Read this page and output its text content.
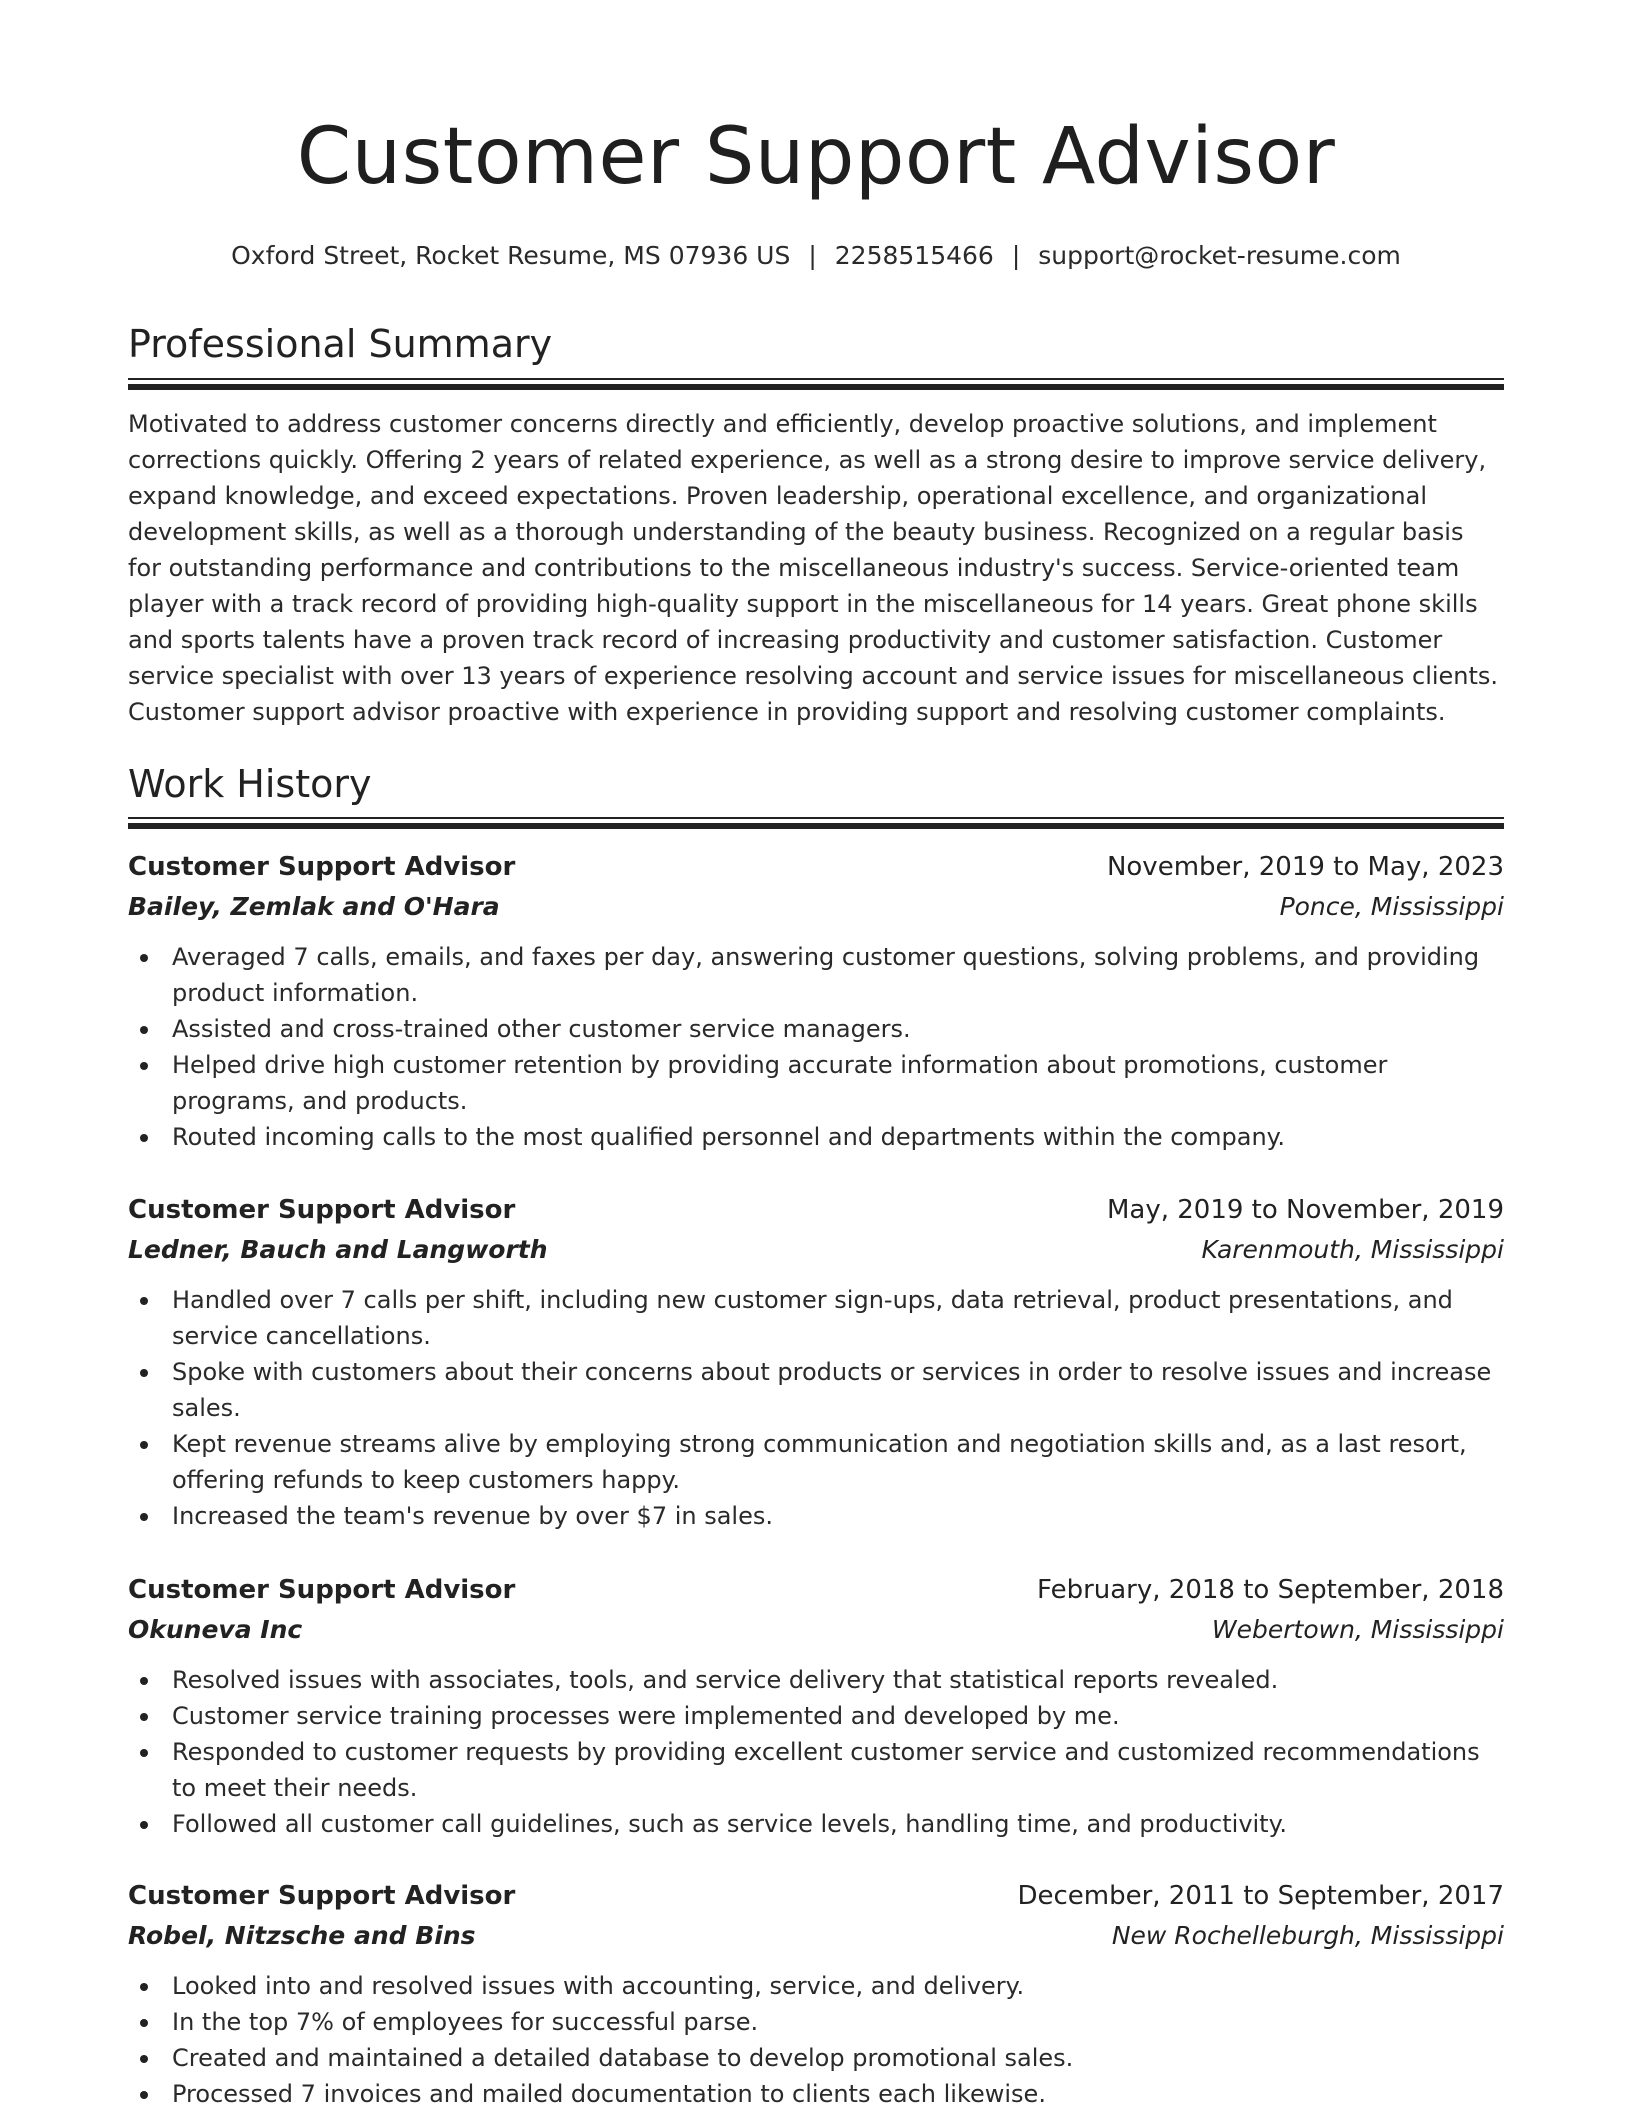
Customer Support Advisor
Oxford Street, Rocket Resume, MS 07936 US | 2258515466 | support@rocket-resume.com
Professional Summary
Motivated to address customer concerns directly and efficiently, develop proactive solutions, and implement corrections quickly. Offering 2 years of related experience, as well as a strong desire to improve service delivery, expand knowledge, and exceed expectations. Proven leadership, operational excellence, and organizational development skills, as well as a thorough understanding of the beauty business. Recognized on a regular basis for outstanding performance and contributions to the miscellaneous industry's success. Service-oriented team player with a track record of providing high-quality support in the miscellaneous for 14 years. Great phone skills and sports talents have a proven track record of increasing productivity and customer satisfaction. Customer service specialist with over 13 years of experience resolving account and service issues for miscellaneous clients. Customer support advisor proactive with experience in providing support and resolving customer complaints.
Work History
Customer Support Advisor	November, 2019 to May, 2023
Bailey, Zemlak and O'Hara	Ponce, Mississippi
Averaged 7 calls, emails, and faxes per day, answering customer questions, solving problems, and providing product information.
Assisted and cross-trained other customer service managers.
Helped drive high customer retention by providing accurate information about promotions, customer programs, and products.
Routed incoming calls to the most qualified personnel and departments within the company.
Customer Support Advisor	May, 2019 to November, 2019
Ledner, Bauch and Langworth	Karenmouth, Mississippi
Handled over 7 calls per shift, including new customer sign-ups, data retrieval, product presentations, and service cancellations.
Spoke with customers about their concerns about products or services in order to resolve issues and increase sales.
Kept revenue streams alive by employing strong communication and negotiation skills and, as a last resort, offering refunds to keep customers happy.
Increased the team's revenue by over $7 in sales.
Customer Support Advisor	February, 2018 to September, 2018
Okuneva Inc	Webertown, Mississippi
Resolved issues with associates, tools, and service delivery that statistical reports revealed.
Customer service training processes were implemented and developed by me.
Responded to customer requests by providing excellent customer service and customized recommendations to meet their needs.
Followed all customer call guidelines, such as service levels, handling time, and productivity.
Customer Support Advisor	December, 2011 to September, 2017
Robel, Nitzsche and Bins	New Rochelleburgh, Mississippi
Looked into and resolved issues with accounting, service, and delivery.
In the top 7% of employees for successful parse.
Created and maintained a detailed database to develop promotional sales.
Processed 7 invoices and mailed documentation to clients each likewise.
